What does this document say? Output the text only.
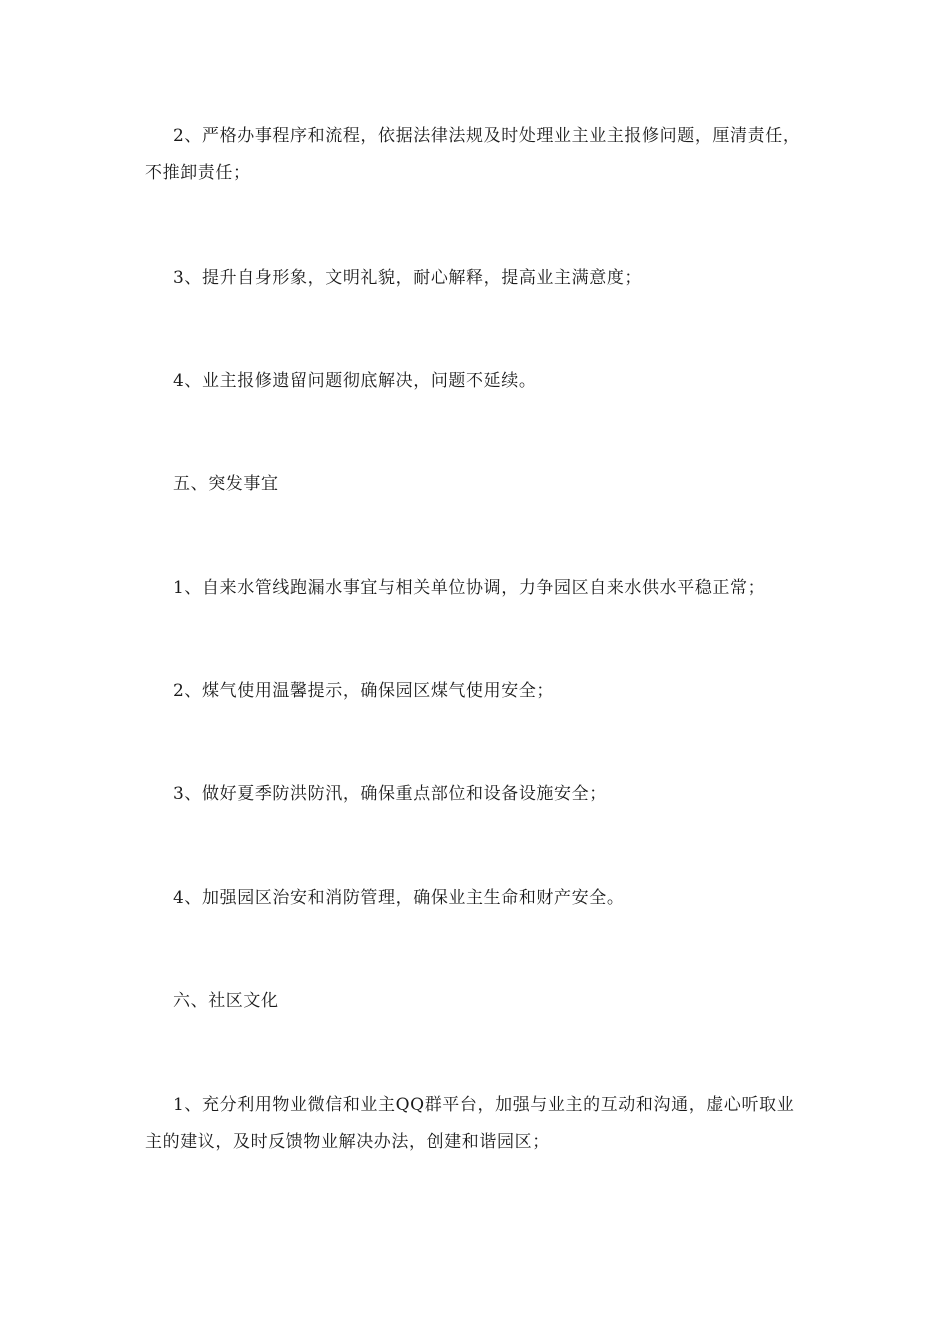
2、严格办事程序和流程，依据法律法规及时处理业主业主报修问题，厘清责任，不推卸责任；

3、提升自身形象，文明礼貌，耐心解释，提高业主满意度；

4、业主报修遗留问题彻底解决，问题不延续。

五、突发事宜

1、自来水管线跑漏水事宜与相关单位协调，力争园区自来水供水平稳正常；

2、煤气使用温馨提示，确保园区煤气使用安全；

3、做好夏季防洪防汛，确保重点部位和设备设施安全；

4、加强园区治安和消防管理，确保业主生命和财产安全。

六、社区文化

1、充分利用物业微信和业主QQ群平台，加强与业主的互动和沟通，虚心听取业主的建议，及时反馈物业解决办法，创建和谐园区；
